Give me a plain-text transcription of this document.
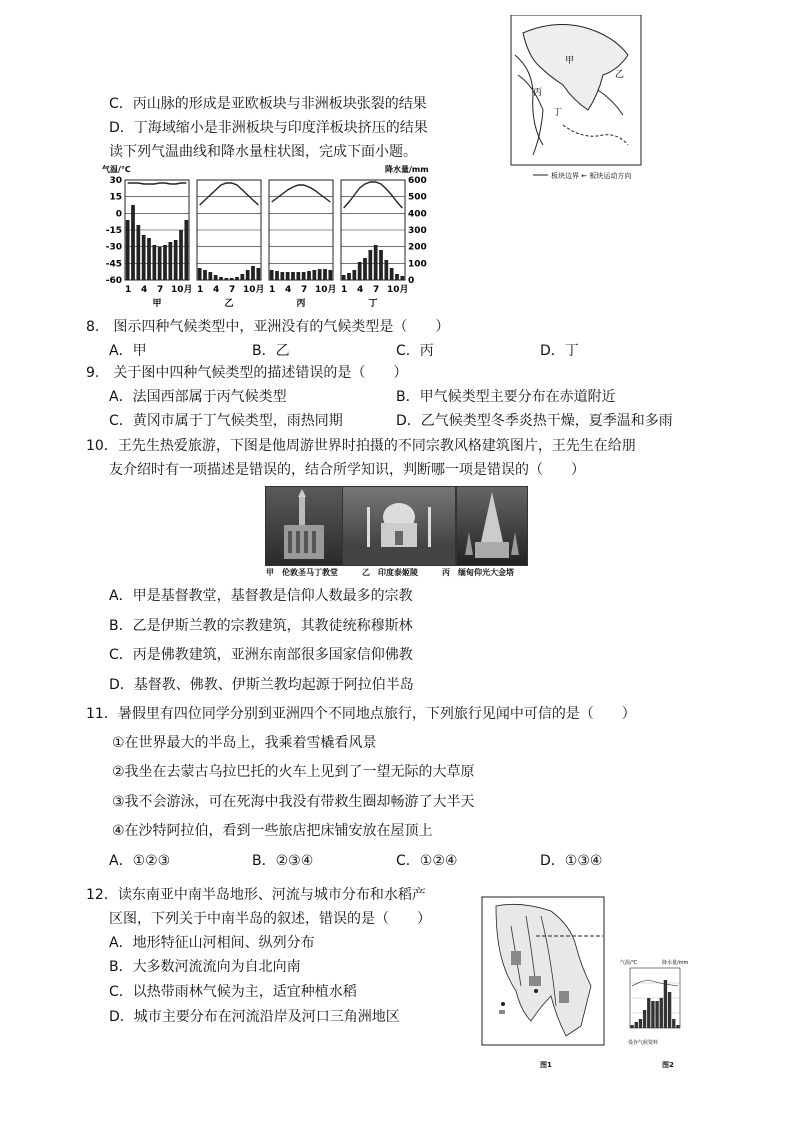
甲
乙
丙
丁
板块边界 ← 板块运动方向
C．丙山脉的形成是亚欧板块与非洲板块张裂的结果
D．丁海域缩小是非洲板块与印度洋板块挤压的结果
读下列气温曲线和降水量柱状图，完成下面小题。
气温/℃	降水量/mm
30
15
0
-15
-30
-45
-60
600
500
400
300
200
100
0
1 4 7 10月 1 4 7 10月 1 4 7 10月 1 4 7 10月
甲	乙	丙	丁
8.　图示四种气候类型中，亚洲没有的气候类型是（　　）
A．甲	B．乙	C．丙	D．丁
9.　关于图中四种气候类型的描述错误的是（　　）
A．法国西部属于丙气候类型	B．甲气候类型主要分布在赤道附近
C．黄冈市属于丁气候类型，雨热同期	D．乙气候类型冬季炎热干燥，夏季温和多雨
10．王先生热爱旅游，下图是他周游世界时拍摄的不同宗教风格建筑图片，王先生在给朋
友介绍时有一项描述是错误的，结合所学知识，判断哪一项是错误的（　　）
甲　伦敦圣马丁教堂　　　乙　印度泰姬陵　　　丙　缅甸仰光大金塔
A．甲是基督教堂，基督教是信仰人数最多的宗教
B．乙是伊斯兰教的宗教建筑，其教徒统称穆斯林
C．丙是佛教建筑，亚洲东南部很多国家信仰佛教
D．基督教、佛教、伊斯兰教均起源于阿拉伯半岛
11．暑假里有四位同学分别到亚洲四个不同地点旅行，下列旅行见闻中可信的是（　　）
①在世界最大的半岛上，我乘着雪橇看风景
②我坐在去蒙古乌拉巴托的火车上见到了一望无际的大草原
③我不会游泳，可在死海中我没有带救生圈却畅游了大半天
④在沙特阿拉伯，看到一些旅店把床铺安放在屋顶上
A．①②③	B．②③④	C．①②④	D．①③④
12．读东南亚中南半岛地形、河流与城市分布和水稻产
区图，下列关于中南半岛的叙述，错误的是（　　）
A．地形特征山河相间、纵列分布
B．大多数河流流向为自北向南
C．以热带雨林气候为主，适宜种植水稻
D．城市主要分布在河流沿岸及河口三角洲地区
图1
气温/℃	降水量/mm
曼谷气候资料
图2
